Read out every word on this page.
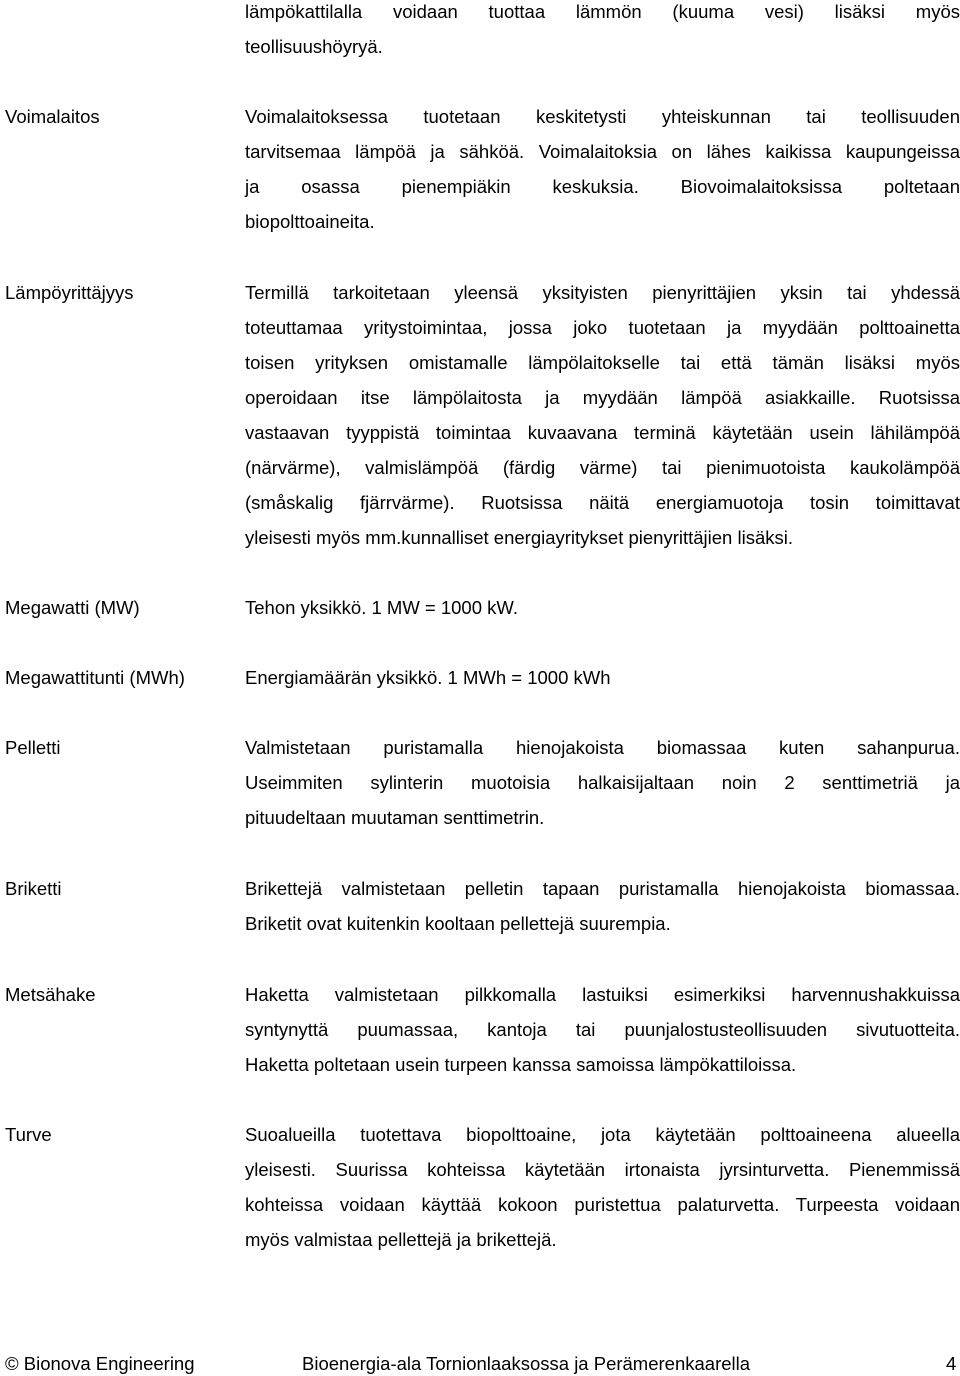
lämpökattilalla voidaan tuottaa lämmön (kuuma vesi) lisäksi myös
teollisuushöyryä.
Voimalaitos	Voimalaitoksessa tuotetaan keskitetysti yhteiskunnan tai teollisuuden
tarvitsemaa lämpöä ja sähköä. Voimalaitoksia on lähes kaikissa kaupungeissa
ja osassa pienempiäkin keskuksia. Biovoimalaitoksissa poltetaan
biopolttoaineita.
Lämpöyrittäjyys	Termillä tarkoitetaan yleensä yksityisten pienyrittäjien yksin tai yhdessä
toteuttamaa yritystoimintaa, jossa joko tuotetaan ja myydään polttoainetta
toisen yrityksen omistamalle lämpölaitokselle tai että tämän lisäksi myös
operoidaan itse lämpölaitosta ja myydään lämpöä asiakkaille. Ruotsissa
vastaavan tyyppistä toimintaa kuvaavana terminä käytetään usein lähilämpöä
(närvärme), valmislämpöä (färdig värme) tai pienimuotoista kaukolämpöä
(småskalig fjärrvärme). Ruotsissa näitä energiamuotoja tosin toimittavat
yleisesti myös mm.kunnalliset energiayritykset pienyrittäjien lisäksi.
Megawatti (MW)	Tehon yksikkö. 1 MW = 1000 kW.
Megawattitunti (MWh)	Energiamäärän yksikkö. 1 MWh = 1000 kWh
Pelletti	Valmistetaan puristamalla hienojakoista biomassaa kuten sahanpurua.
Useimmiten sylinterin muotoisia halkaisijaltaan noin 2 senttimetriä ja
pituudeltaan muutaman senttimetrin.
Briketti	Brikettejä valmistetaan pelletin tapaan puristamalla hienojakoista biomassaa.
Briketit ovat kuitenkin kooltaan pellettejä suurempia.
Metsähake	Haketta valmistetaan pilkkomalla lastuiksi esimerkiksi harvennushakkuissa
syntynyttä puumassaa, kantoja tai puunjalostusteollisuuden sivutuotteita.
Haketta poltetaan usein turpeen kanssa samoissa lämpökattiloissa.
Turve	Suoalueilla tuotettava biopolttoaine, jota käytetään polttoaineena alueella
yleisesti. Suurissa kohteissa käytetään irtonaista jyrsinturvetta. Pienemmissä
kohteissa voidaan käyttää kokoon puristettua palaturvetta. Turpeesta voidaan
myös valmistaa pellettejä ja brikettejä.
© Bionova Engineering	Bioenergia-ala Tornionlaaksossa ja Perämerenkaarella	4
